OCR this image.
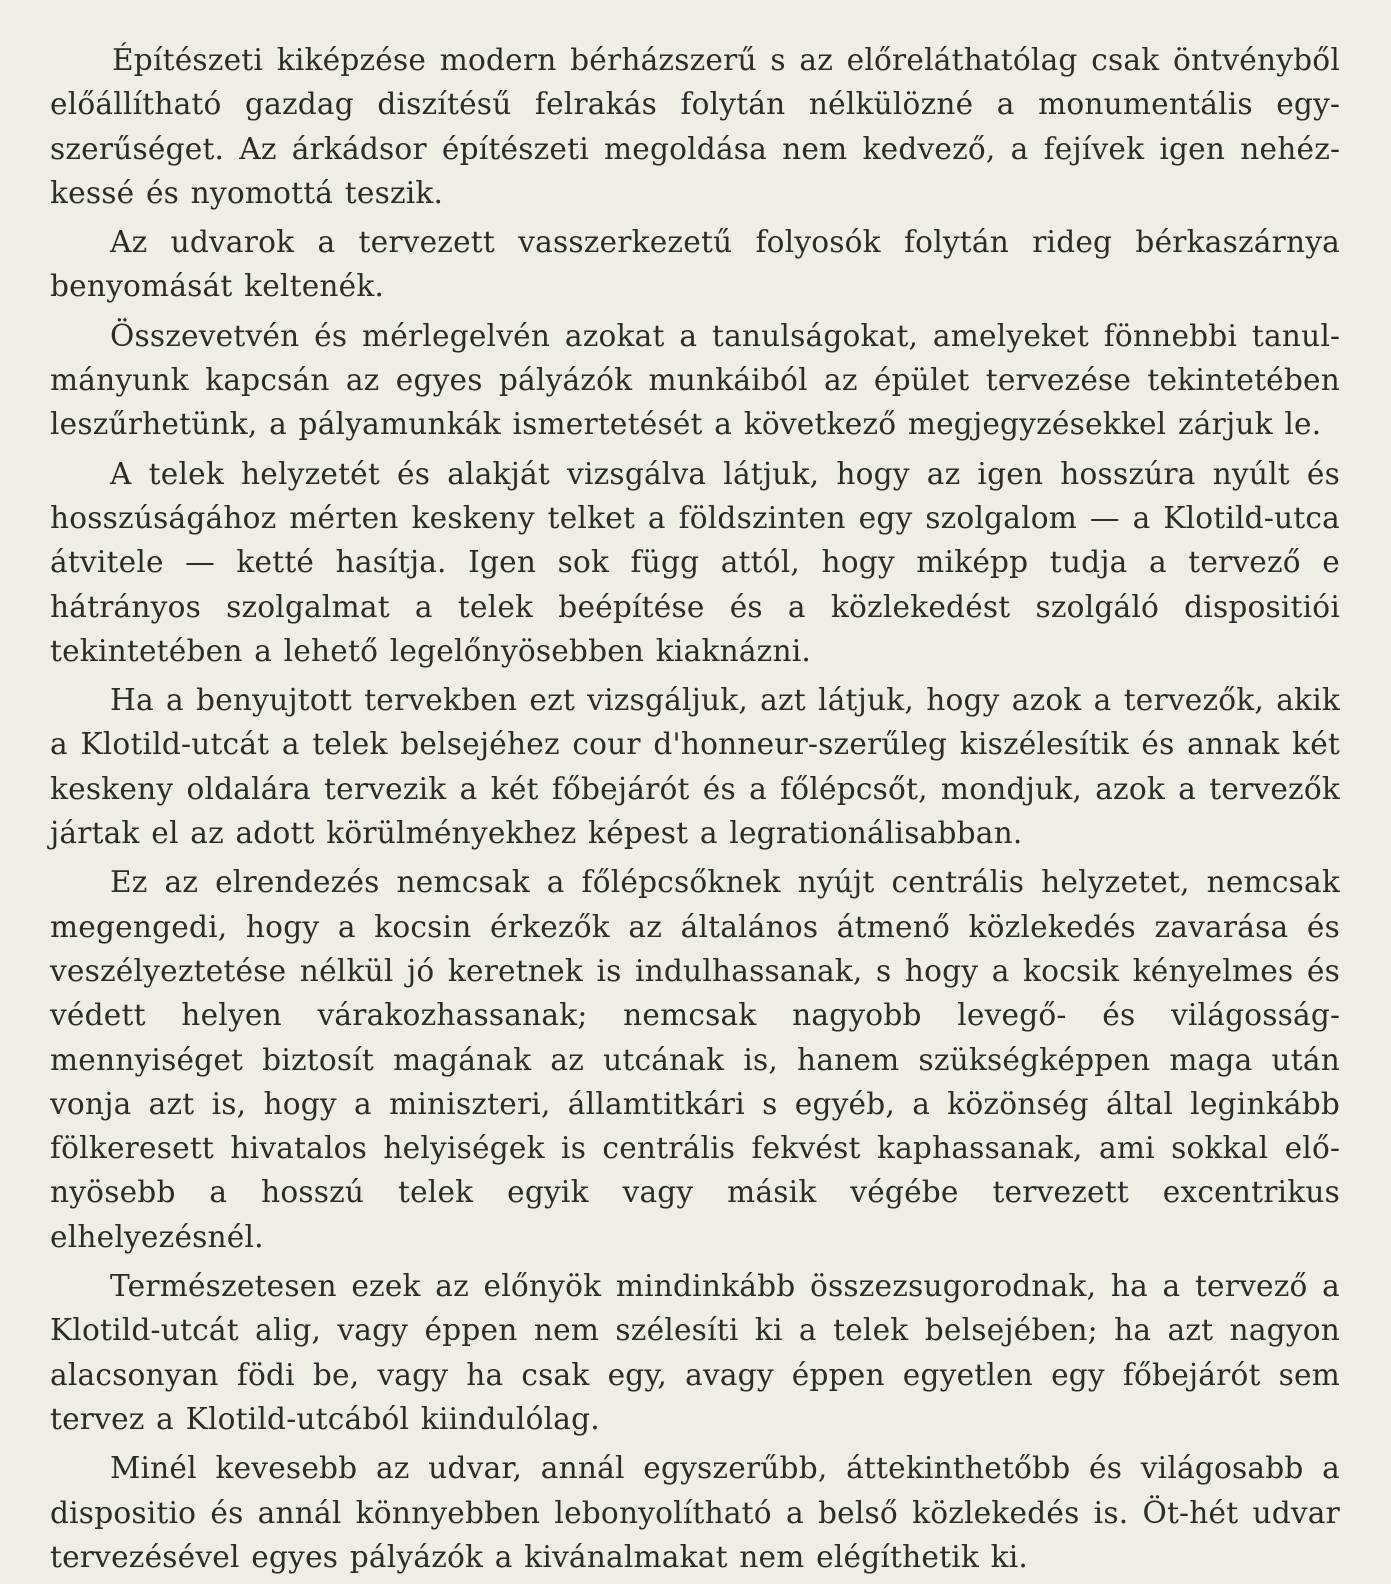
Építészeti kiképzése modern bérházszerű s az előreláthatólag csak öntvényből előállítható gazdag diszítésű felrakás folytán nélkülözné a monumentális egyszerűséget. Az árkádsor építészeti megoldása nem kedvező, a fejívek igen nehézkessé és nyomottá teszik.

Az udvarok a tervezett vasszerkezetű folyosók folytán rideg bérkaszárnya benyomását keltenék.

Összevetvén és mérlegelvén azokat a tanulságokat, amelyeket fönnebbi tanulmányunk kapcsán az egyes pályázók munkáiból az épület tervezése tekintetében leszűrhetünk, a pályamunkák ismertetését a következő megjegyzésekkel zárjuk le.

A telek helyzetét és alakját vizsgálva látjuk, hogy az igen hosszúra nyúlt és hosszúságához mérten keskeny telket a földszinten egy szolgalom — a Klotild-utca átvitele — ketté hasítja. Igen sok függ attól, hogy miképp tudja a tervező e hátrányos szolgalmat a telek beépítése és a közlekedést szolgáló dispositiói tekintetében a lehető legelőnyösebben kiaknázni.

Ha a benyujtott tervekben ezt vizsgáljuk, azt látjuk, hogy azok a tervezők, akik a Klotild-utcát a telek belsejéhez cour d'honneur-szerűleg kiszélesítik és annak két keskeny oldalára tervezik a két főbejárót és a főlépcsőt, mondjuk, azok a tervezők jártak el az adott körülményekhez képest a legrationálisabban.

Ez az elrendezés nemcsak a főlépcsőknek nyújt centrális helyzetet, nemcsak megengedi, hogy a kocsin érkezők az általános átmenő közlekedés zavarása és veszélyeztetése nélkül jó keretnek is indulhassanak, s hogy a kocsik kényelmes és védett helyen várakozhassanak; nemcsak nagyobb levegő- és világosságmennyiséget biztosít magának az utcának is, hanem szükségképpen maga után vonja azt is, hogy a miniszteri, államtitkári s egyéb, a közönség által leginkább fölkeresett hivatalos helyiségek is centrális fekvést kaphassanak, ami sokkal előnyösebb a hosszú telek egyik vagy másik végébe tervezett excentrikus elhelyezésnél.

Természetesen ezek az előnyök mindinkább összezsugorodnak, ha a tervező a Klotild-utcát alig, vagy éppen nem szélesíti ki a telek belsejében; ha azt nagyon alacsonyan födi be, vagy ha csak egy, avagy éppen egyetlen egy főbejárót sem tervez a Klotild-utcából kiindulólag.

Minél kevesebb az udvar, annál egyszerűbb, áttekinthetőbb és világosabb a dispositio és annál könnyebben lebonyolítható a belső közlekedés is. Öt-hét udvar tervezésével egyes pályázók a kivánalmakat nem elégíthetik ki.
